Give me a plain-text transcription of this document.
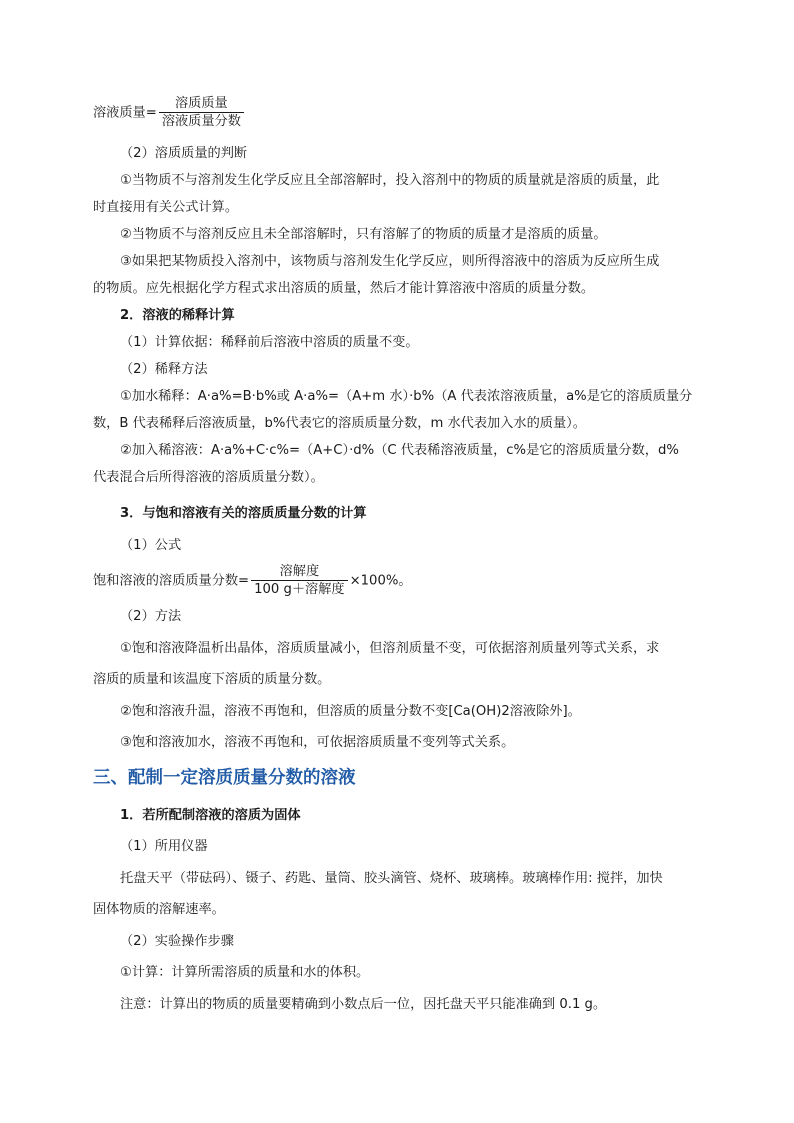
溶液质量= $\frac{\text{溶质质量}}{\text{溶液质量分数}}$
（2）溶质质量的判断
①当物质不与溶剂发生化学反应且全部溶解时，投入溶剂中的物质的质量就是溶质的质量，此
时直接用有关公式计算。
②当物质不与溶剂反应且未全部溶解时，只有溶解了的物质的质量才是溶质的质量。
③如果把某物质投入溶剂中，该物质与溶剂发生化学反应，则所得溶液中的溶质为反应所生成
的物质。应先根据化学方程式求出溶质的质量，然后才能计算溶液中溶质的质量分数。
2．溶液的稀释计算
（1）计算依据：稀释前后溶液中溶质的质量不变。
（2）稀释方法
①加水稀释：A·a%=B·b%或 A·a%=（A+m 水）·b%（A 代表浓溶液质量，a%是它的溶质质量分
数，B 代表稀释后溶液质量，b%代表它的溶质质量分数，m 水代表加入水的质量）。
②加入稀溶液：A·a%+C·c%=（A+C）·d%（C 代表稀溶液质量，c%是它的溶质质量分数，d%
代表混合后所得溶液的溶质质量分数）。
3．与饱和溶液有关的溶质质量分数的计算
（1）公式
饱和溶液的溶质质量分数= $\frac{\text{溶解度}}{\text{100 g＋溶解度}} \times 100\%$。
（2）方法
①饱和溶液降温析出晶体，溶质质量减小，但溶剂质量不变，可依据溶剂质量列等式关系，求
溶质的质量和该温度下溶质的质量分数。
②饱和溶液升温，溶液不再饱和，但溶质的质量分数不变[Ca(OH)2溶液除外]。
③饱和溶液加水，溶液不再饱和，可依据溶质质量不变列等式关系。
三、配制一定溶质质量分数的溶液
1．若所配制溶液的溶质为固体
（1）所用仪器
托盘天平（带砝码）、镊子、药匙、量筒、胶头滴管、烧杯、玻璃棒。玻璃棒作用: 搅拌，加快
固体物质的溶解速率。
（2）实验操作步骤
①计算：计算所需溶质的质量和水的体积。
注意：计算出的物质的质量要精确到小数点后一位，因托盘天平只能准确到 0.1 g。
